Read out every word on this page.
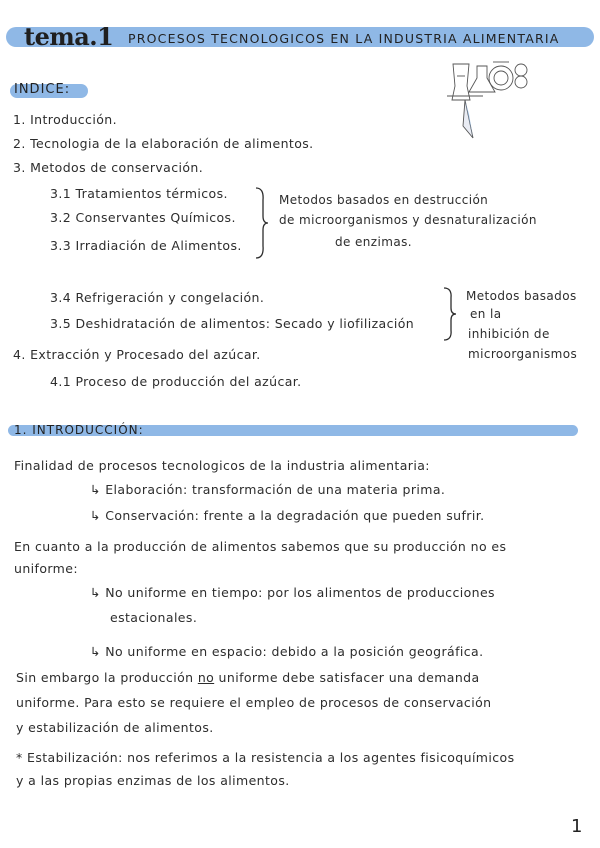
tema.1 PROCESOS TECNOLOGICOS EN LA INDUSTRIA ALIMENTARIA
INDICE:
1. Introducción.
2. Tecnologia de la elaboración de alimentos.
3. Metodos de conservación.
3.1 Tratamientos térmicos.
3.2 Conservantes Químicos.
3.3 Irradiación de Alimentos.
Metodos basados en destrucción
de microorganismos y desnaturalización
de enzimas.
3.4 Refrigeración y congelación.
3.5 Deshidratación de alimentos: Secado y liofilización
Metodos basados
en la
inhibición de
microorganismos
4. Extracción y Procesado del azúcar.
4.1 Proceso de producción del azúcar.
1. INTRODUCCIÓN:
Finalidad de procesos tecnologicos de la industria alimentaria:
↳ Elaboración: transformación de una materia prima.
↳ Conservación: frente a la degradación que pueden sufrir.
En cuanto a la producción de alimentos sabemos que su producción no es
uniforme:
↳ No uniforme en tiempo: por los alimentos de producciones
estacionales.
↳ No uniforme en espacio: debido a la posición geográfica.
Sin embargo la producción no uniforme debe satisfacer una demanda
uniforme. Para esto se requiere el empleo de procesos de conservación
y estabilización de alimentos.
* Estabilización: nos referimos a la resistencia a los agentes fisicoquímicos
y a las propias enzimas de los alimentos.
1
